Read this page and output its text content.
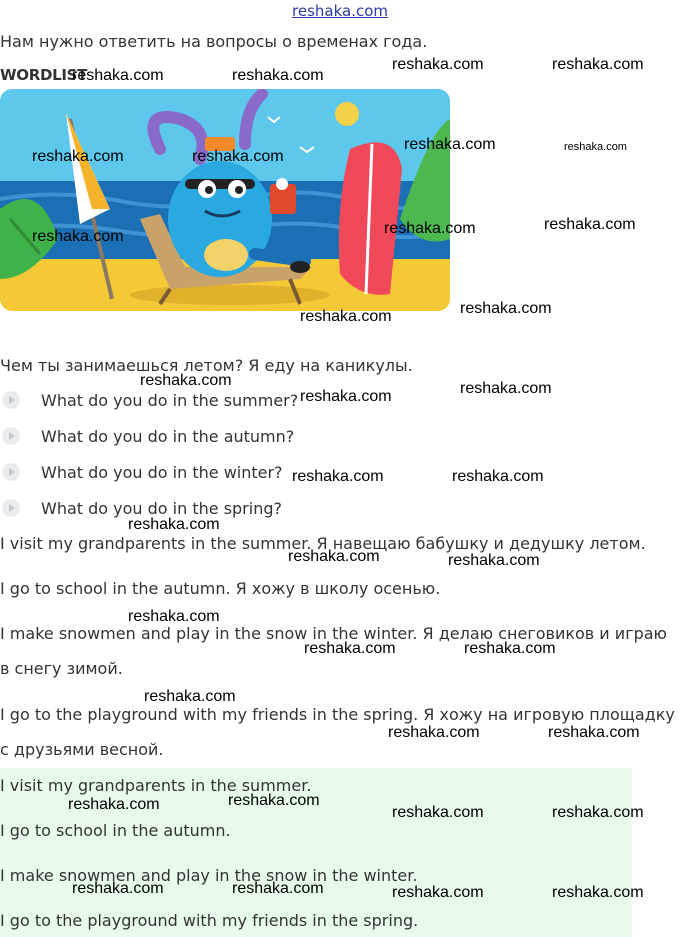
reshaka.com
Нам нужно ответить на вопросы о временах года.
WORDLIST
Чем ты занимаешься летом? Я еду на каникулы.
What do you do in the summer?
What do you do in the autumn?
What do you do in the winter?
What do you do in the spring?
I visit my grandparents in the summer. Я навещаю бабушку и дедушку летом.
I go to school in the autumn. Я хожу в школу осенью.
I make snowmen and play in the snow in the winter. Я делаю снеговиков и играю
в снегу зимой.
I go to the playground with my friends in the spring. Я хожу на игровую площадку
с друзьями весной.
I visit my grandparents in the summer.
I go to school in the autumn.
I make snowmen and play in the snow in the winter.
I go to the playground with my friends in the spring.
reshaka.com	reshaka.com
reshaka.com	reshaka.com
reshaka.com	reshaka.com
reshaka.com	reshaka.com
reshaka.com	reshaka.com	reshaka.com
reshaka.com	reshaka.com
reshaka.com
reshaka.com	reshaka.com
reshaka.com	reshaka.com
reshaka.com
reshaka.com	reshaka.com
reshaka.com
reshaka.com	reshaka.com
reshaka.com
reshaka.com	reshaka.com
reshaka.com	reshaka.com
reshaka.com	reshaka.com
reshaka.com	reshaka.com	reshaka.com	reshaka.com
